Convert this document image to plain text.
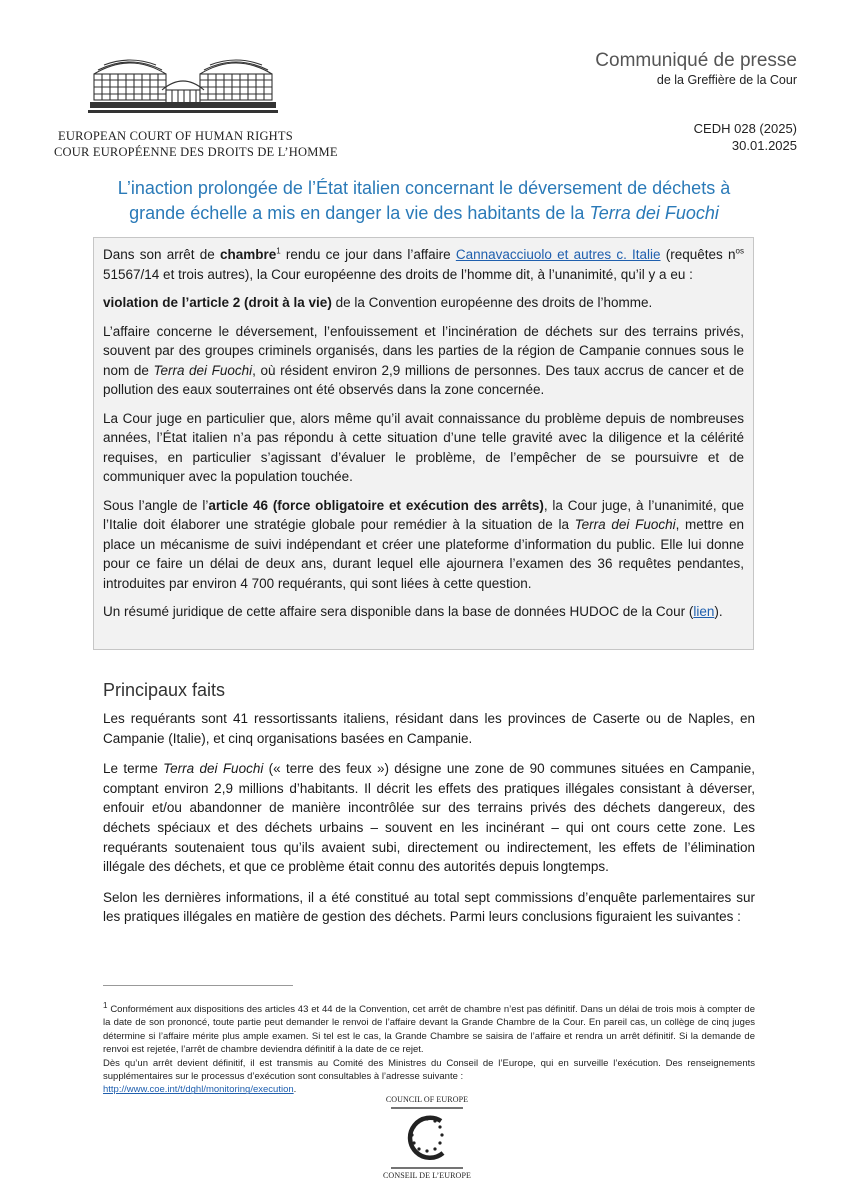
EUROPEAN COURT OF HUMAN RIGHTS
COUR EUROPÉENNE DES DROITS DE L’HOMME
Communiqué de presse
de la Greffière de la Cour
CEDH 028 (2025)
30.01.2025
L’inaction prolongée de l’État italien concernant le déversement de déchets à grande échelle a mis en danger la vie des habitants de la Terra dei Fuochi

Dans son arrêt de chambre$^1$ rendu ce jour dans l’affaire Cannavacciuolo et autres c. Italie (requêtes $n^{os}$ 51567/14 et trois autres), la Cour européenne des droits de l’homme dit, à l’unanimité, qu’il y a eu :

violation de l’article 2 (droit à la vie) de la Convention européenne des droits de l’homme.

L’affaire concerne le déversement, l’enfouissement et l’incinération de déchets sur des terrains privés, souvent par des groupes criminels organisés, dans les parties de la région de Campanie connues sous le nom de Terra dei Fuochi, où résident environ 2,9 millions de personnes. Des taux accrus de cancer et de pollution des eaux souterraines ont été observés dans la zone concernée.

La Cour juge en particulier que, alors même qu’il avait connaissance du problème depuis de nombreuses années, l’État italien n’a pas répondu à cette situation d’une telle gravité avec la diligence et la célérité requises, en particulier s’agissant d’évaluer le problème, de l’empêcher de se poursuivre et de communiquer avec la population touchée.

Sous l’angle de l’article 46 (force obligatoire et exécution des arrêts), la Cour juge, à l’unanimité, que l’Italie doit élaborer une stratégie globale pour remédier à la situation de la Terra dei Fuochi, mettre en place un mécanisme de suivi indépendant et créer une plateforme d’information du public. Elle lui donne pour ce faire un délai de deux ans, durant lequel elle ajournera l’examen des 36 requêtes pendantes, introduites par environ 4 700 requérants, qui sont liées à cette question.

Un résumé juridique de cette affaire sera disponible dans la base de données HUDOC de la Cour (lien).

Principaux faits

Les requérants sont 41 ressortissants italiens, résidant dans les provinces de Caserte ou de Naples, en Campanie (Italie), et cinq organisations basées en Campanie.

Le terme Terra dei Fuochi (« terre des feux ») désigne une zone de 90 communes situées en Campanie, comptant environ 2,9 millions d’habitants. Il décrit les effets des pratiques illégales consistant à déverser, enfouir et/ou abandonner de manière incontrôlée sur des terrains privés des déchets dangereux, des déchets spéciaux et des déchets urbains – souvent en les incinérant – qui ont cours cette zone. Les requérants soutenaient tous qu’ils avaient subi, directement ou indirectement, les effets de l’élimination illégale des déchets, et que ce problème était connu des autorités depuis longtemps.

Selon les dernières informations, il a été constitué au total sept commissions d’enquête parlementaires sur les pratiques illégales en matière de gestion des déchets. Parmi leurs conclusions figuraient les suivantes :

$^1$ Conformément aux dispositions des articles 43 et 44 de la Convention, cet arrêt de chambre n’est pas définitif. Dans un délai de trois mois à compter de la date de son prononcé, toute partie peut demander le renvoi de l’affaire devant la Grande Chambre de la Cour. En pareil cas, un collège de cinq juges détermine si l’affaire mérite plus ample examen. Si tel est le cas, la Grande Chambre se saisira de l’affaire et rendra un arrêt définitif. Si la demande de renvoi est rejetée, l’arrêt de chambre deviendra définitif à la date de ce rejet.

Dès qu’un arrêt devient définitif, il est transmis au Comité des Ministres du Conseil de l’Europe, qui en surveille l’exécution. Des renseignements supplémentaires sur le processus d’exécution sont consultables à l’adresse suivante :
http://www.coe.int/t/dghl/monitoring/execution.

COUNCIL OF EUROPE
CONSEIL DE L’EUROPE
